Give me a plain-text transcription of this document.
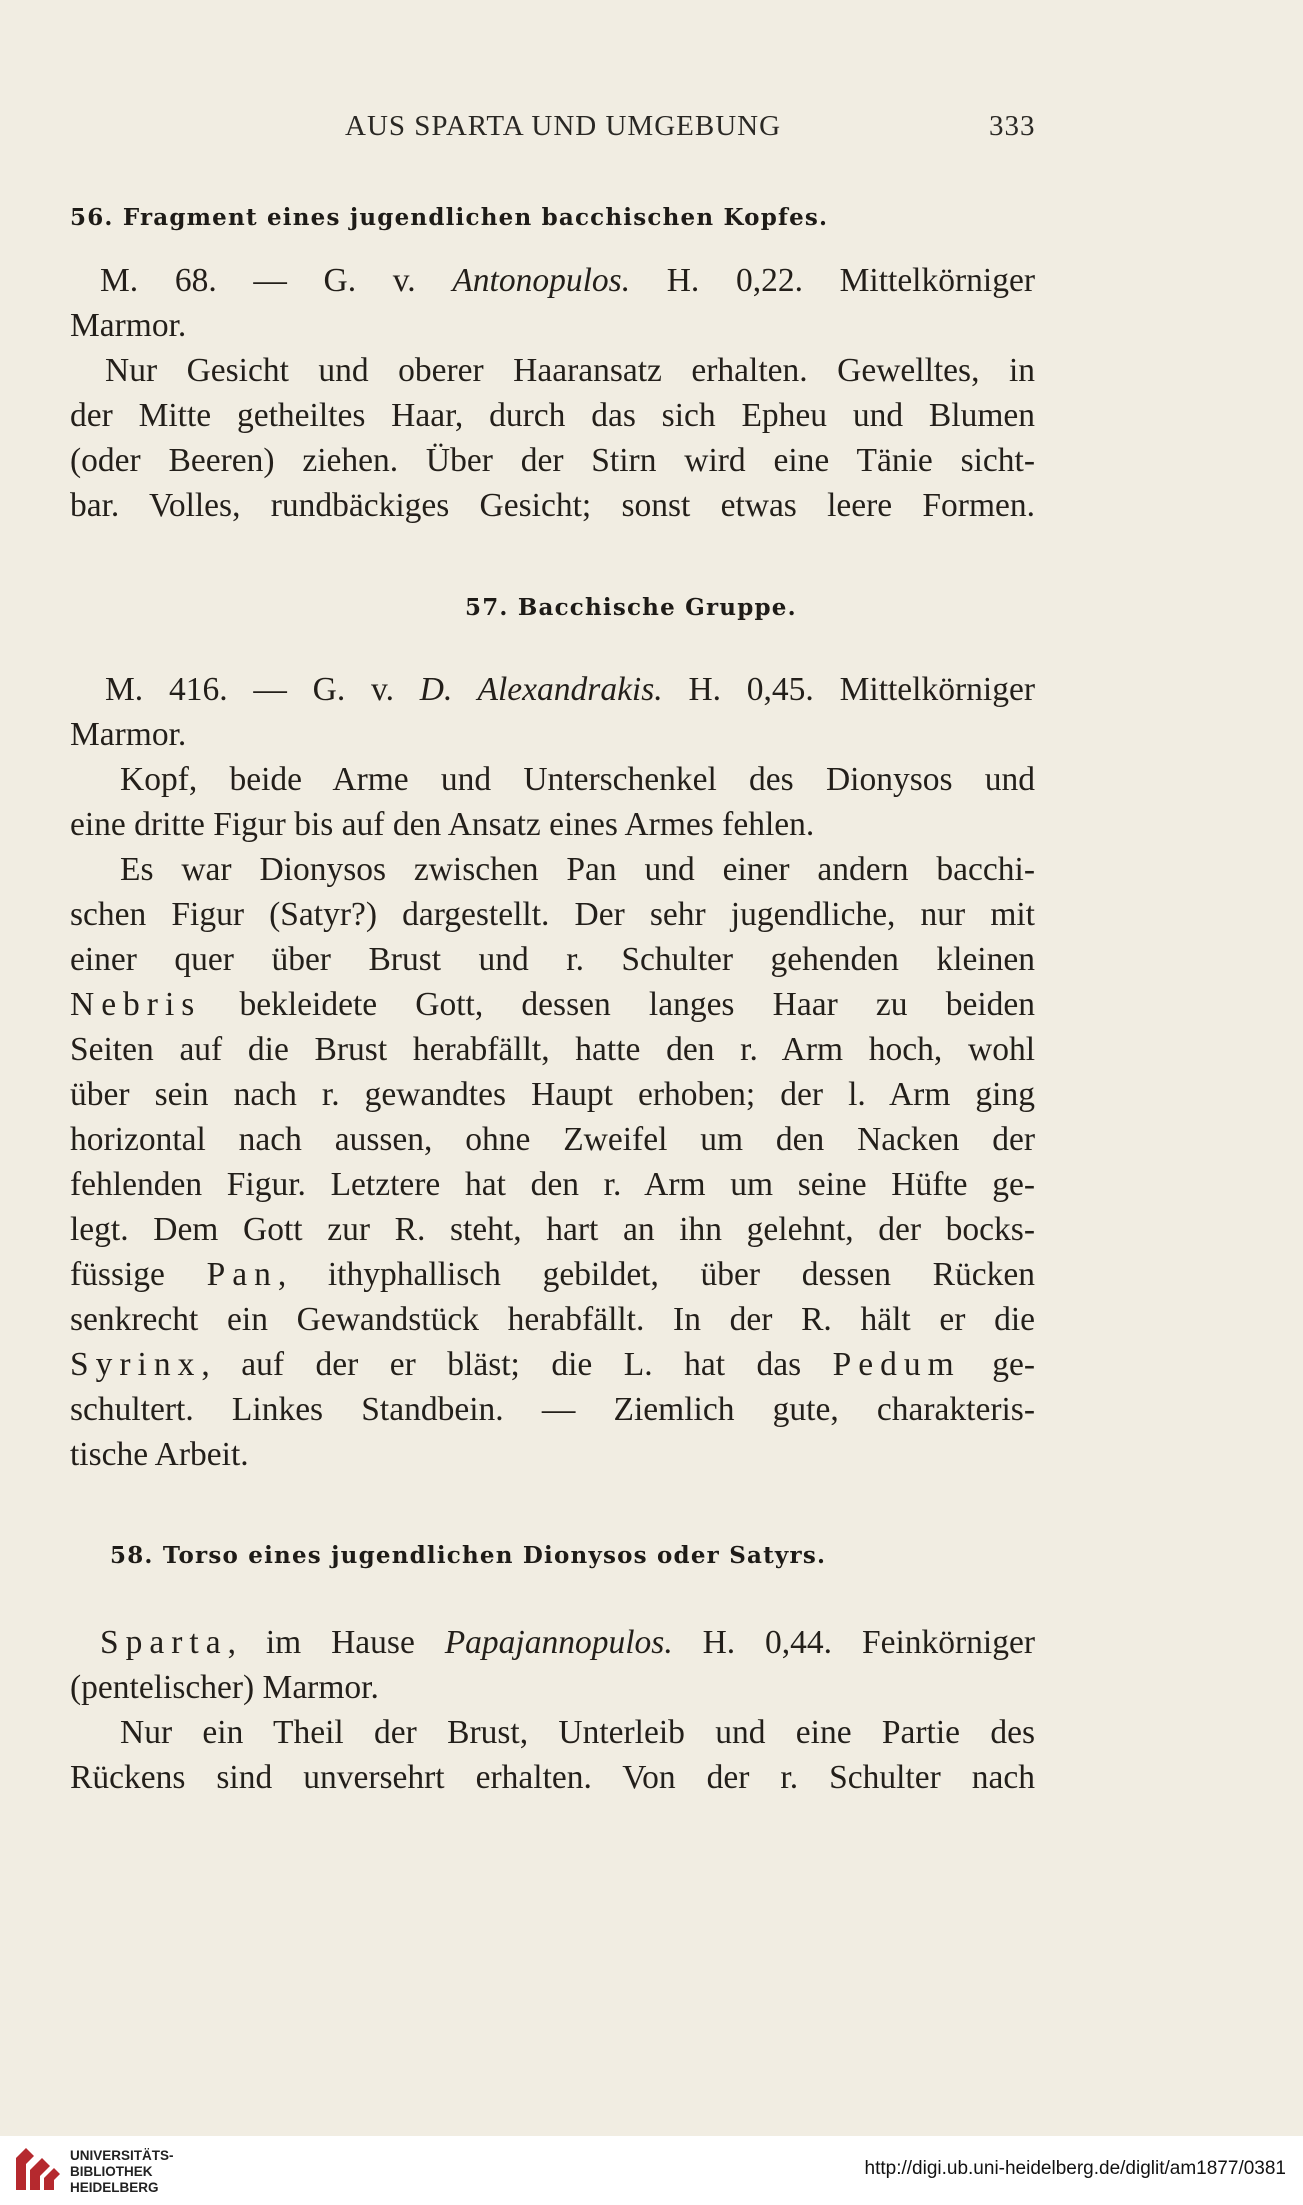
AUS SPARTA UND UMGEBUNG	333
56. Fragment eines jugendlichen bacchischen Kopfes.
M. 68. — G. v. Antonopulos. H. 0,22. Mittelkörniger
Marmor.
Nur Gesicht und oberer Haaransatz erhalten. Gewelltes, in
der Mitte getheiltes Haar, durch das sich Epheu und Blumen
(oder Beeren) ziehen. Über der Stirn wird eine Tänie sicht-
bar. Volles, rundbäckiges Gesicht; sonst etwas leere Formen.
57. Bacchische Gruppe.
M. 416. — G. v. D. Alexandrakis. H. 0,45. Mittelkörniger
Marmor.
Kopf, beide Arme und Unterschenkel des Dionysos und
eine dritte Figur bis auf den Ansatz eines Armes fehlen.
Es war Dionysos zwischen Pan und einer andern bacchi-
schen Figur (Satyr?) dargestellt. Der sehr jugendliche, nur mit
einer quer über Brust und r. Schulter gehenden kleinen
Nebris bekleidete Gott, dessen langes Haar zu beiden
Seiten auf die Brust herabfällt, hatte den r. Arm hoch, wohl
über sein nach r. gewandtes Haupt erhoben; der l. Arm ging
horizontal nach aussen, ohne Zweifel um den Nacken der
fehlenden Figur. Letztere hat den r. Arm um seine Hüfte ge-
legt. Dem Gott zur R. steht, hart an ihn gelehnt, der bocks-
füssige Pan, ithyphallisch gebildet, über dessen Rücken
senkrecht ein Gewandstück herabfällt. In der R. hält er die
Syrinx, auf der er bläst; die L. hat das Pedum ge-
schultert. Linkes Standbein. — Ziemlich gute, charakteris-
tische Arbeit.
58. Torso eines jugendlichen Dionysos oder Satyrs.
Sparta, im Hause Papajannopulos. H. 0,44. Feinkörniger
(pentelischer) Marmor.
Nur ein Theil der Brust, Unterleib und eine Partie des
Rückens sind unversehrt erhalten. Von der r. Schulter nach
UNIVERSITÄTS-
BIBLIOTHEK
HEIDELBERG
http://digi.ub.uni-heidelberg.de/diglit/am1877/0381
